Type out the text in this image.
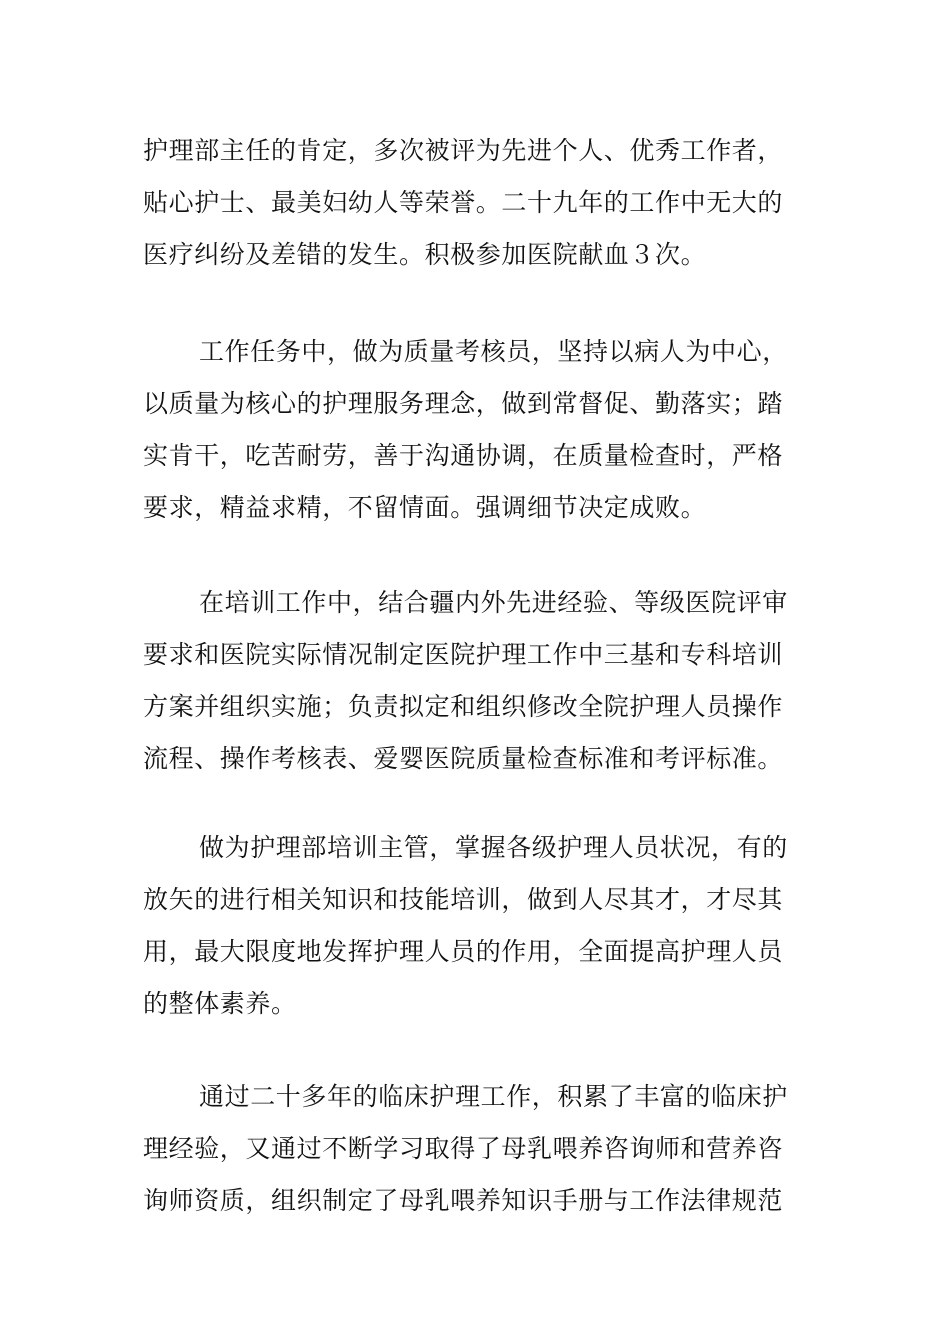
护理部主任的肯定，多次被评为先进个人、优秀工作者，
贴心护士、最美妇幼人等荣誉。二十九年的工作中无大的
医疗纠纷及差错的发生。积极参加医院献血３次。
工作任务中，做为质量考核员，坚持以病人为中心，
以质量为核心的护理服务理念，做到常督促、勤落实；踏
实肯干，吃苦耐劳，善于沟通协调，在质量检查时，严格
要求，精益求精，不留情面。强调细节决定成败。
在培训工作中，结合疆内外先进经验、等级医院评审
要求和医院实际情况制定医院护理工作中三基和专科培训
方案并组织实施；负责拟定和组织修改全院护理人员操作
流程、操作考核表、爱婴医院质量检查标准和考评标准。
做为护理部培训主管，掌握各级护理人员状况，有的
放矢的进行相关知识和技能培训，做到人尽其才，才尽其
用，最大限度地发挥护理人员的作用，全面提高护理人员
的整体素养。
通过二十多年的临床护理工作，积累了丰富的临床护
理经验，又通过不断学习取得了母乳喂养咨询师和营养咨
询师资质，组织制定了母乳喂养知识手册与工作法律规范
